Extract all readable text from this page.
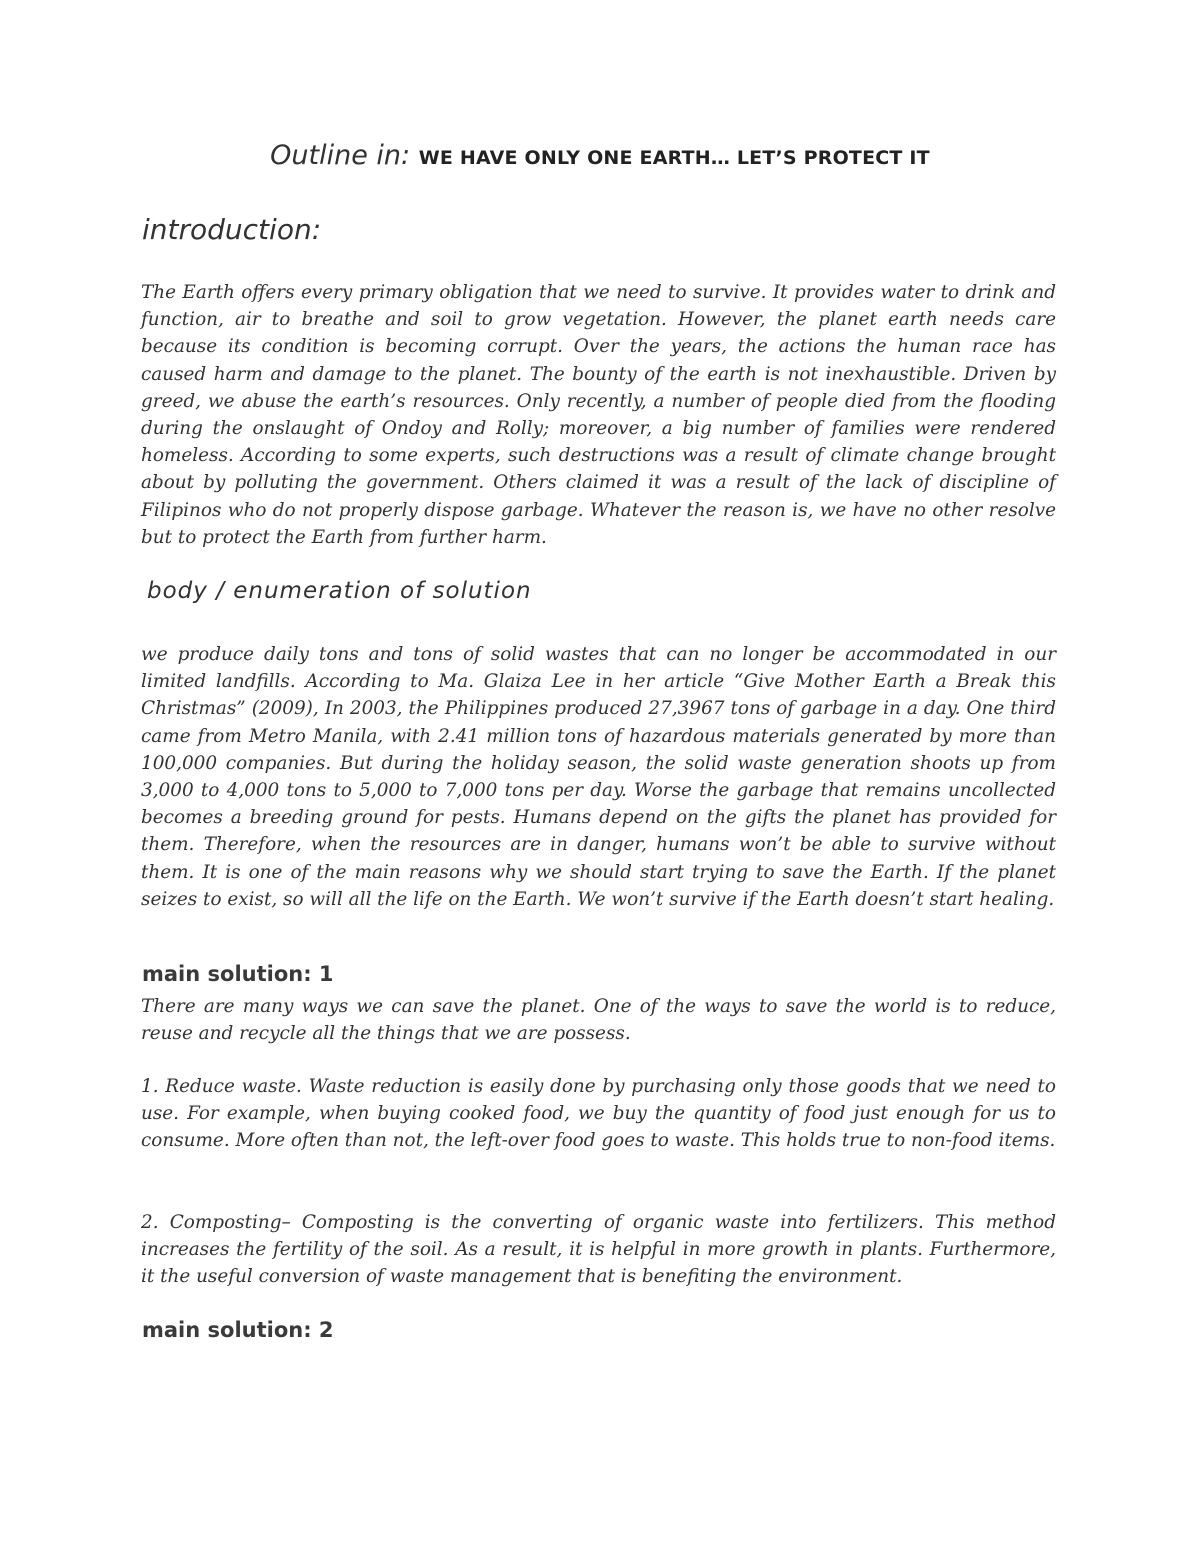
Outline in: WE HAVE ONLY ONE EARTH… LET’S PROTECT IT
introduction:

The Earth offers every primary obligation that we need to survive. It provides water to drink and function, air to breathe and soil to grow vegetation. However, the planet earth needs care because its condition is becoming corrupt. Over the years, the actions the human race has caused harm and damage to the planet. The bounty of the earth is not inexhaustible. Driven by greed, we abuse the earth’s resources. Only recently, a number of people died from the flooding during the onslaught of Ondoy and Rolly; moreover, a big number of families were rendered homeless. According to some experts, such destructions was a result of climate change brought about by polluting the government. Others claimed it was a result of the lack of discipline of Filipinos who do not properly dispose garbage. Whatever the reason is, we have no other resolve but to protect the Earth from further harm.

body / enumeration of solution

we produce daily tons and tons of solid wastes that can no longer be accommodated in our limited landfills. According to Ma. Glaiza Lee in her article “Give Mother Earth a Break this Christmas” (2009), In 2003, the Philippines produced 27,3967 tons of garbage in a day. One third came from Metro Manila, with 2.41 million tons of hazardous materials generated by more than 100,000 companies. But during the holiday season, the solid waste generation shoots up from 3,000 to 4,000 tons to 5,000 to 7,000 tons per day. Worse the garbage that remains uncollected becomes a breeding ground for pests. Humans depend on the gifts the planet has provided for them. Therefore, when the resources are in danger, humans won’t be able to survive without them. It is one of the main reasons why we should start trying to save the Earth. If the planet seizes to exist, so will all the life on the Earth. We won’t survive if the Earth doesn’t start healing.

main solution: 1

There are many ways we can save the planet. One of the ways to save the world is to reduce, reuse and recycle all the things that we are possess.

1. Reduce waste. Waste reduction is easily done by purchasing only those goods that we need to use. For example, when buying cooked food, we buy the quantity of food just enough for us to consume. More often than not, the left-over food goes to waste. This holds true to non-food items.

2. Composting– Composting is the converting of organic waste into fertilizers. This method increases the fertility of the soil. As a result, it is helpful in more growth in plants. Furthermore, it the useful conversion of waste management that is benefiting the environment.

main solution: 2
